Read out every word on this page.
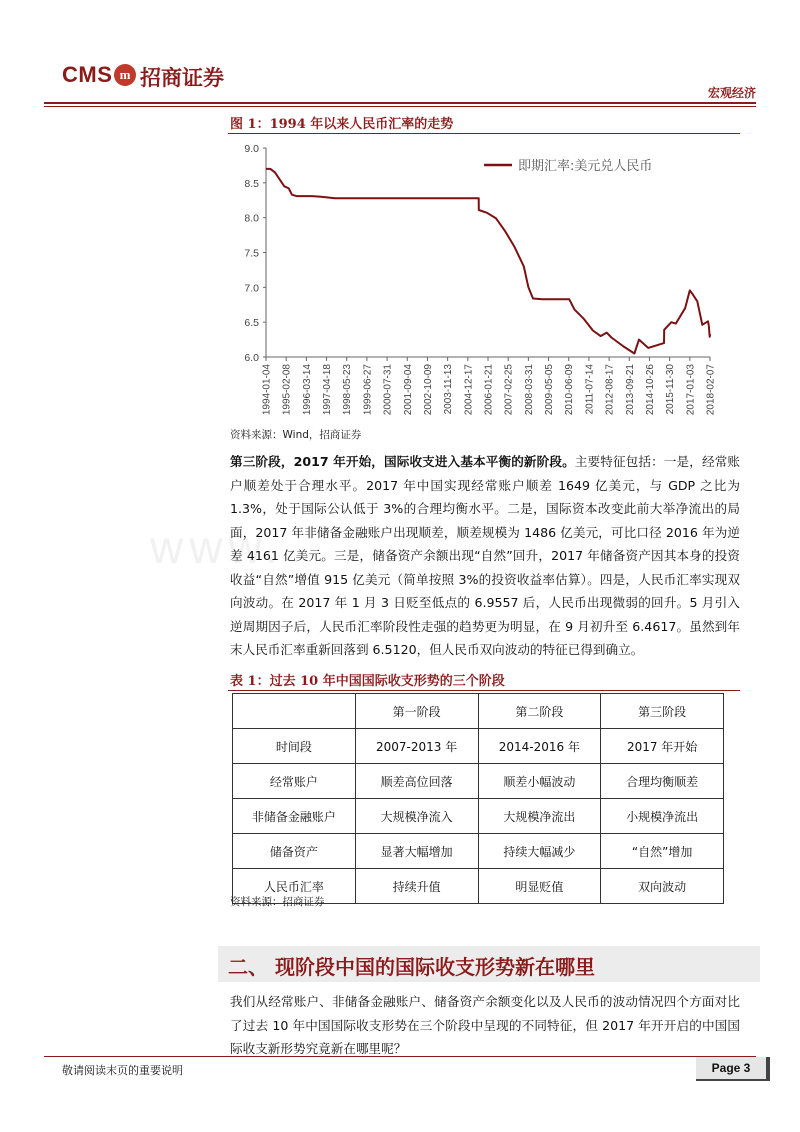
CMS m 招商证券
宏观经济
图 1：1994 年以来人民币汇率的走势
6.0
6.5
7.0
7.5
8.0
8.5
9.0
1994-01-04 1995-02-08 1996-03-14 1997-04-18 1998-05-23 1999-06-27 2000-07-31 2001-09-04 2002-10-09 2003-11-13 2004-12-17 2006-01-21 2007-02-25 2008-03-31 2009-05-05 2010-06-09 2011-07-14 2012-08-17 2013-09-21 2014-10-26 2015-11-30 2017-01-03 2018-02-07
即期汇率:美元兑人民币
资料来源：Wind，招商证券
www.
第三阶段，2017 年开始，国际收支进入基本平衡的新阶段。主要特征包括：一是，经常账户顺差处于合理水平。2017 年中国实现经常账户顺差 1649 亿美元，与 GDP 之比为 1.3%，处于国际公认低于 3%的合理均衡水平。二是，国际资本改变此前大举净流出的局面，2017 年非储备金融账户出现顺差，顺差规模为 1486 亿美元，可比口径 2016 年为逆差 4161 亿美元。三是，储备资产余额出现“自然”回升，2017 年储备资产因其本身的投资收益“自然”增值 915 亿美元（简单按照 3%的投资收益率估算）。四是，人民币汇率实现双向波动。在 2017 年 1 月 3 日贬至低点的 6.9557 后，人民币出现微弱的回升。5 月引入逆周期因子后，人民币汇率阶段性走强的趋势更为明显，在 9 月初升至 6.4617。虽然到年末人民币汇率重新回落到 6.5120，但人民币双向波动的特征已得到确立。
表 1：过去 10 年中国国际收支形势的三个阶段
	第一阶段	第二阶段	第三阶段
时间段	2007-2013 年	2014-2016 年	2017 年开始
经常账户	顺差高位回落	顺差小幅波动	合理均衡顺差
非储备金融账户	大规模净流入	大规模净流出	小规模净流出
储备资产	显著大幅增加	持续大幅减少	“自然”增加
人民币汇率	持续升值	明显贬值	双向波动
资料来源：招商证券
二、 现阶段中国的国际收支形势新在哪里
我们从经常账户、非储备金融账户、储备资产余额变化以及人民币的波动情况四个方面对比了过去 10 年中国国际收支形势在三个阶段中呈现的不同特征，但 2017 年开开启的中国国际收支新形势究竟新在哪里呢？
敬请阅读末页的重要说明	Page 3
